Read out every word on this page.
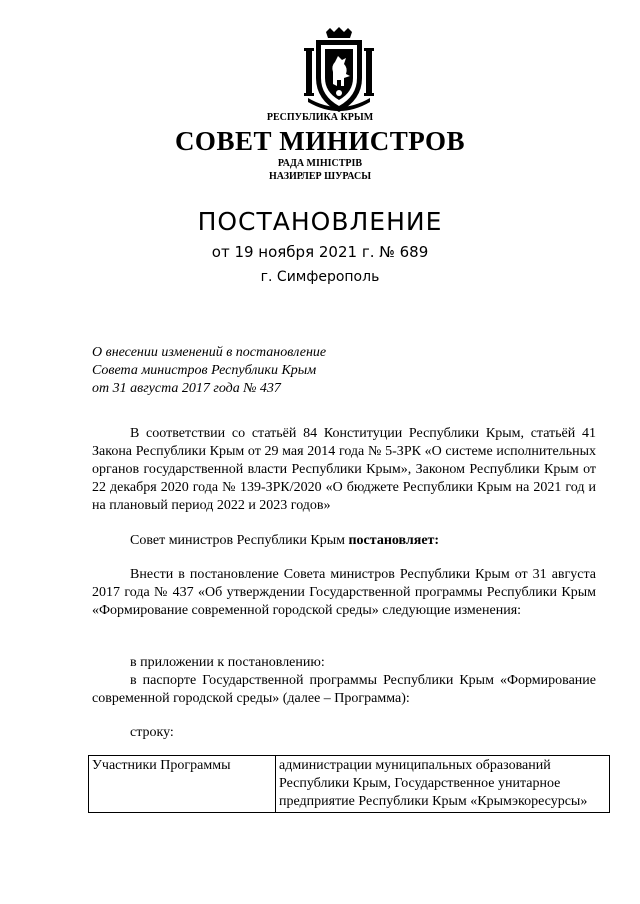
РЕСПУБЛИКА КРЫМ
СОВЕТ МИНИСТРОВ
РАДА МІНІСТРІВ
НАЗИРЛЕР ШУРАСЫ
ПОСТАНОВЛЕНИЕ
от 19 ноября 2021 г. № 689
г. Симферополь
О внесении изменений в постановление
Совета министров Республики Крым
от 31 августа 2017 года № 437
В соответствии со статьёй 84 Конституции Республики Крым, статьёй 41 Закона Республики Крым от 29 мая 2014 года № 5-ЗРК «О системе исполнительных органов государственной власти Республики Крым», Законом Республики Крым от 22 декабря 2020 года № 139-ЗРК/2020 «О бюджете Республики Крым на 2021 год и на плановый период 2022 и 2023 годов»
Совет министров Республики Крым постановляет:
Внести в постановление Совета министров Республики Крым от 31 августа 2017 года № 437 «Об утверждении Государственной программы Республики Крым «Формирование современной городской среды» следующие изменения:
в приложении к постановлению:
в паспорте Государственной программы Республики Крым «Формирование современной городской среды» (далее – Программа):
строку:
Участники Программы	администрации муниципальных образований Республики Крым, Государственное унитарное предприятие Республики Крым «Крымэкоресурсы»
